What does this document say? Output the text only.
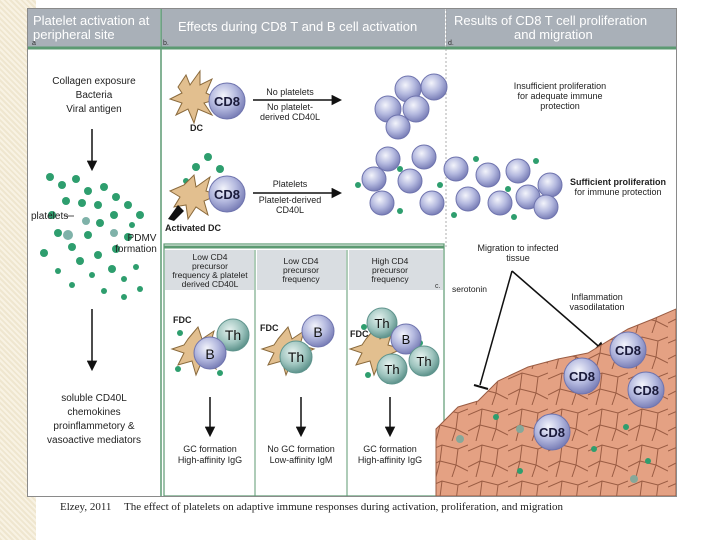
Platelet activation at
peripheral site
a
Effects during CD8 T and B cell activation
b.
Results of CD8 T cell proliferation
and migration
d.
Collagen exposure
Bacteria
Viral antigen
platelets
PDMV
formation
soluble CD40L
chemokines
proinflammetory &
vasoactive mediators
CD8
DC
No platelets
No platelet-
derived CD40L
CD8
Activated DC
Platelets
Platelet-derived
CD40L
Low CD4
precursor
frequency & platelet
derived CD40L
Low CD4
precursor
frequency
High CD4
precursor
frequency
c.
FDC
Th
B
FDC B
Th
FDC
Th
B
Th
Th
GC formation
High-affinity IgG
No GC formation
Low-affinity IgM
GC formation
High-affinity IgG
Insufficient proliferation
for adequate immune
protection
Sufficient proliferation
for immune protection
Migration to infected
tissue
serotonin
Inflammation
vasodilatation
CD8
CD8
CD8
CD8
Elzey, 2011 The effect of platelets on adaptive immune responses during activation, proliferation, and migration
